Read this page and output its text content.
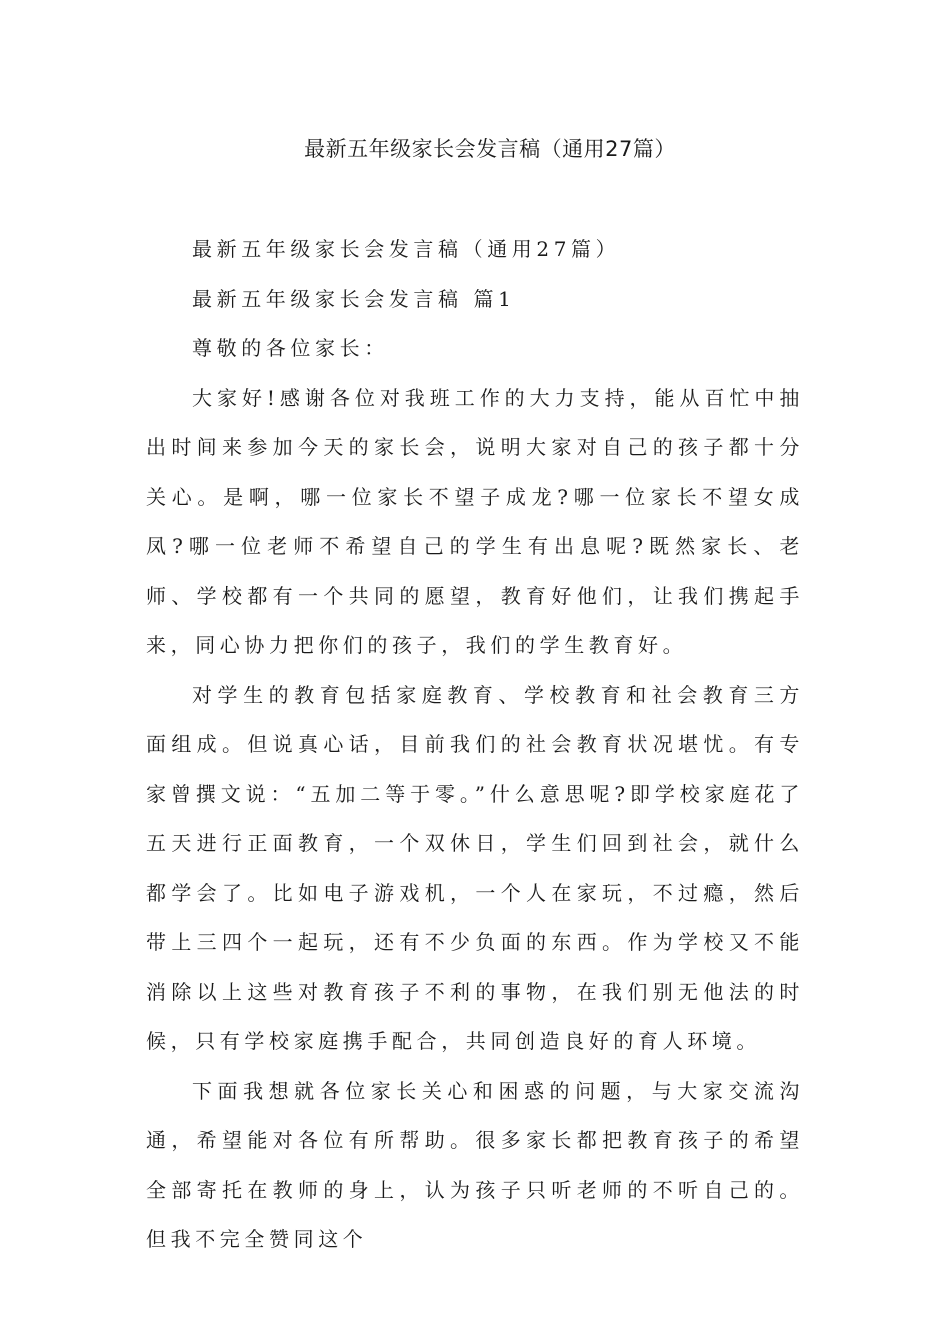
最新五年级家长会发言稿（通用27篇）

最新五年级家长会发言稿（通用27篇）

最新五年级家长会发言稿 篇1

尊敬的各位家长：

大家好!感谢各位对我班工作的大力支持，能从百忙中抽出时间来参加今天的家长会，说明大家对自己的孩子都十分关心。是啊，哪一位家长不望子成龙?哪一位家长不望女成凤?哪一位老师不希望自己的学生有出息呢?既然家长、老师、学校都有一个共同的愿望，教育好他们，让我们携起手来，同心协力把你们的孩子，我们的学生教育好。

对学生的教育包括家庭教育、学校教育和社会教育三方面组成。但说真心话，目前我们的社会教育状况堪忧。有专家曾撰文说：“五加二等于零。”什么意思呢?即学校家庭花了五天进行正面教育，一个双休日，学生们回到社会，就什么都学会了。比如电子游戏机，一个人在家玩，不过瘾，然后带上三四个一起玩，还有不少负面的东西。作为学校又不能消除以上这些对教育孩子不利的事物，在我们别无他法的时候，只有学校家庭携手配合，共同创造良好的育人环境。

下面我想就各位家长关心和困惑的问题，与大家交流沟通，希望能对各位有所帮助。很多家长都把教育孩子的希望全部寄托在教师的身上，认为孩子只听老师的不听自己的。但我不完全赞同这个
